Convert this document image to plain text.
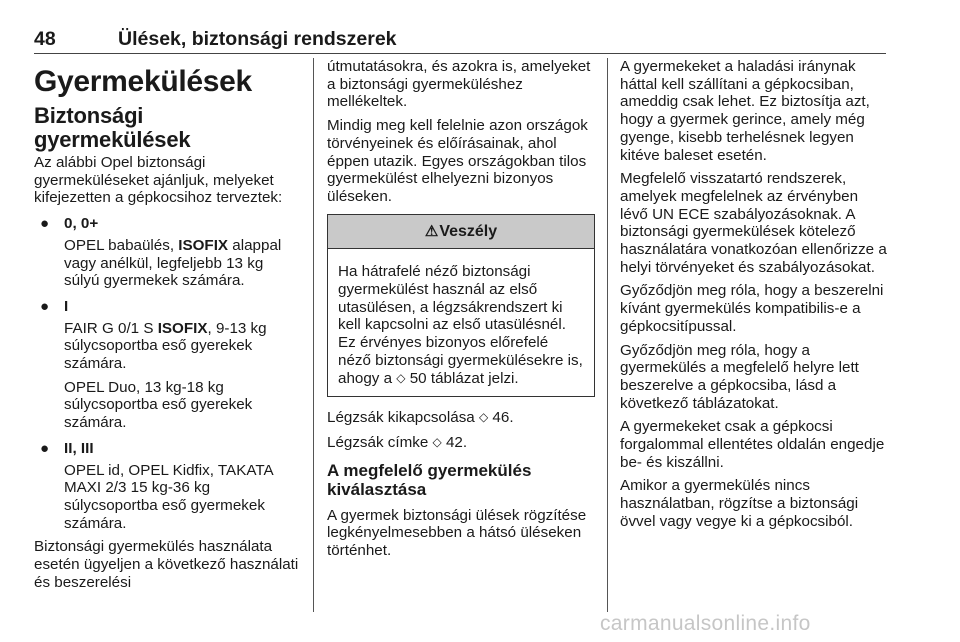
48	Ülések, biztonsági rendszerek
Gyermekülések
Biztonsági gyermekülések

Az alábbi Opel biztonsági gyermeküléseket ajánljuk, melyeket kifejezetten a gépkocsihoz terveztek:

● 0, 0+

OPEL babaülés, ISOFIX alappal vagy anélkül, legfeljebb 13 kg súlyú gyermekek számára.

● I

FAIR G 0/1 S ISOFIX, 9-13 kg súlycsoportba eső gyerekek számára.

OPEL Duo, 13 kg-18 kg súlycsoportba eső gyerekek számára.

● II, III

OPEL id, OPEL Kidfix, TAKATA MAXI 2/3 15 kg-36 kg súlycsoportba eső gyermekek számára.

Biztonsági gyermekülés használata esetén ügyeljen a következő használati és beszerelési

útmutatásokra, és azokra is, amelyeket a biztonsági gyermeküléshez mellékeltek.

Mindig meg kell felelnie azon országok törvényeinek és előírásainak, ahol éppen utazik. Egyes országokban tilos gyermekülést elhelyezni bizonyos üléseken.

⚠Veszély
Ha hátrafelé néző biztonsági gyermekülést használ az első utasülésen, a légzsákrendszert ki kell kapcsolni az első utasülésnél. Ez érvényes bizonyos előrefelé néző biztonsági gyermekülésekre is, ahogy a ◇ 50 táblázat jelzi.

Légzsák kikapcsolása ◇ 46.

Légzsák címke ◇ 42.

A megfelelő gyermekülés kiválasztása

A gyermek biztonsági ülések rögzítése legkényelmesebben a hátsó üléseken történhet.

A gyermekeket a haladási iránynak háttal kell szállítani a gépkocsiban, ameddig csak lehet. Ez biztosítja azt, hogy a gyermek gerince, amely még gyenge, kisebb terhelésnek legyen kitéve baleset esetén.

Megfelelő visszatartó rendszerek, amelyek megfelelnek az érvényben lévő UN ECE szabályozásoknak. A biztonsági gyermekülések kötelező használatára vonatkozóan ellenőrizze a helyi törvényeket és szabályozásokat.

Győződjön meg róla, hogy a beszerelni kívánt gyermekülés kompatibilis-e a gépkocsitípussal.

Győződjön meg róla, hogy a gyermekülés a megfelelő helyre lett beszerelve a gépkocsiba, lásd a következő táblázatokat.

A gyermekeket csak a gépkocsi forgalommal ellentétes oldalán engedje be- és kiszállni.

Amikor a gyermekülés nincs használatban, rögzítse a biztonsági övvel vagy vegye ki a gépkocsiból.

carmanualsonline.info
